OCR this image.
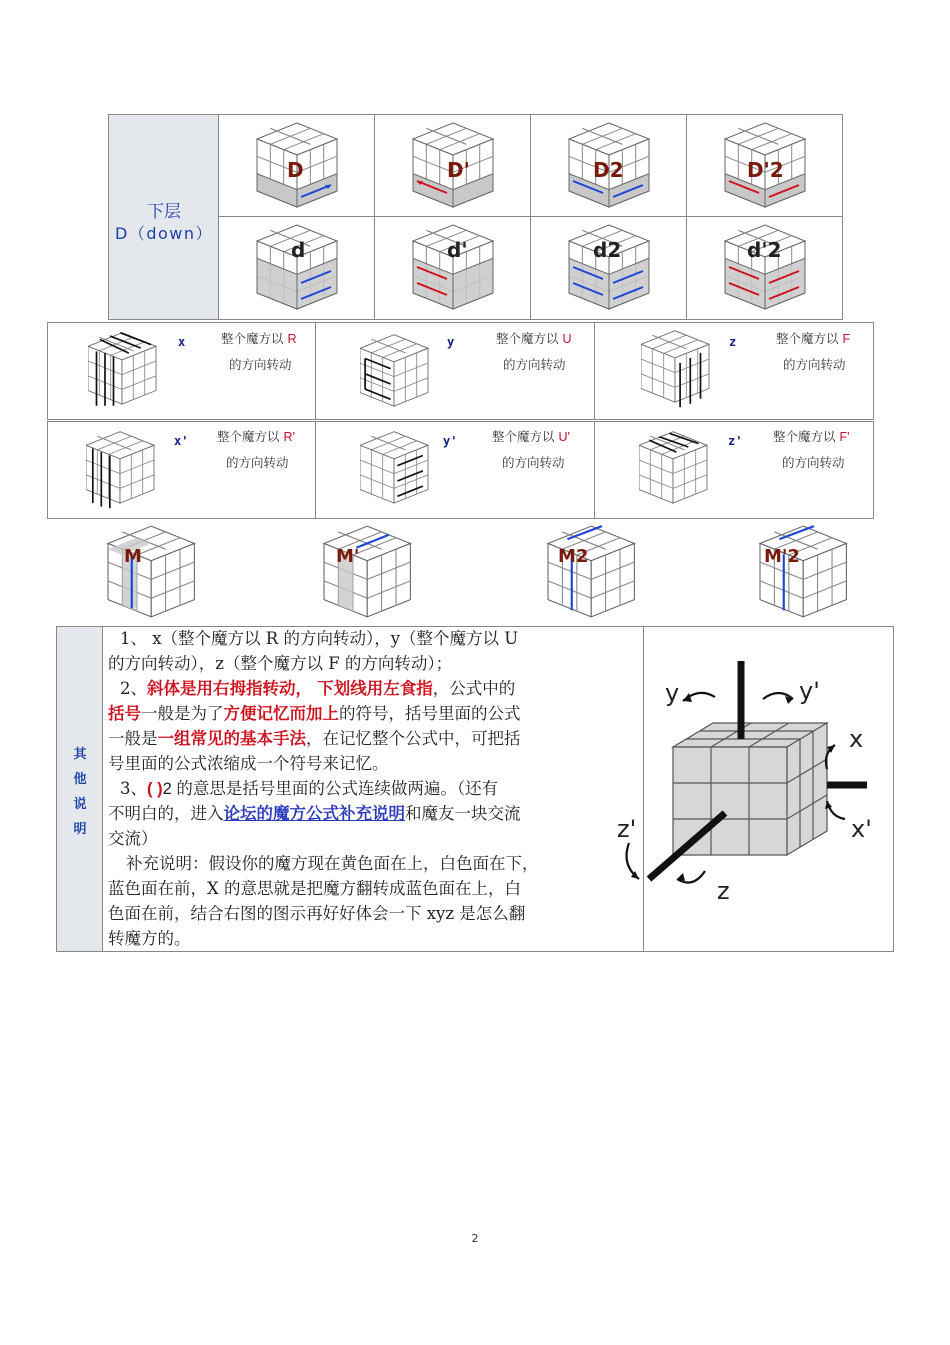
下层
D（down）
D	D'	D2	D'2
d	d'	d2	d'2
x	整个魔方以 R
的方向转动
y	整个魔方以 U
的方向转动
z	整个魔方以 F
的方向转动
x' 整个魔方以 R'
的方向转动
y'	整个魔方以 U'
的方向转动
z' 整个魔方以 F'
的方向转动
M	M'	M2	M'2
其
他
说
明
1、 x（整个魔方以 R 的方向转动），y（整个魔方以 U
的方向转动），z（整个魔方以 F 的方向转动）；
2、斜体是用右拇指转动， 下划线用左食指，公式中的
括号一般是为了方便记忆而加上的符号，括号里面的公式
一般是一组常见的基本手法，在记忆整个公式中，可把括
号里面的公式浓缩成一个符号来记忆。
3、( )2 的意思是括号里面的公式连续做两遍。（还有
不明白的，进入论坛的魔方公式补充说明和魔友一块交流
交流）
补充说明：假设你的魔方现在黄色面在上，白色面在下，
蓝色面在前，X 的意思就是把魔方翻转成蓝色面在上，白
色面在前，结合右图的图示再好好体会一下 xyz 是怎么翻
转魔方的。
y	y'
x
x'
z'
z
2
